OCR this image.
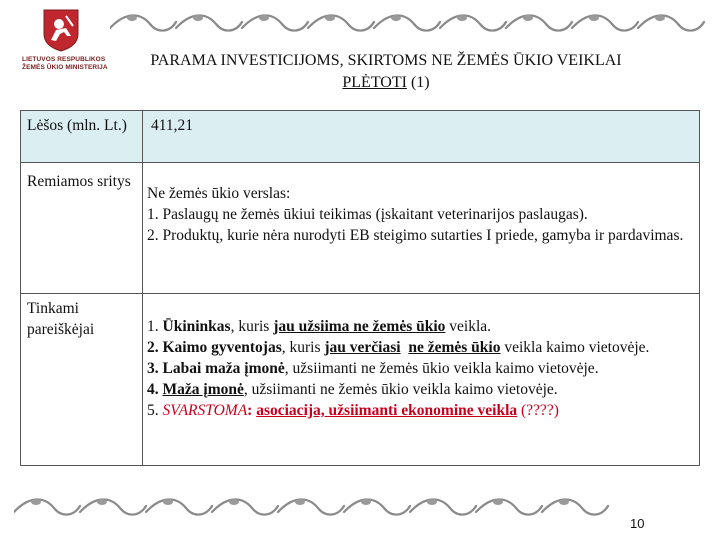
LIETUVOS RESPUBLIKOS
ŽEMĖS ŪKIO MINISTERIJA	PARAMA INVESTICIJOMS, SKIRTOMS NE ŽEMĖS ŪKIO VEIKLAI
PLĖTOTI (1)
Lėšos (mln. Lt.)	411,21
Remiamos sritys	Ne žemės ūkio verslas:
1. Paslaugų ne žemės ūkiui teikimas (įskaitant veterinarijos paslaugas).
2. Produktų, kurie nėra nurodyti EB steigimo sutarties I priede, gamyba ir pardavimas.

Tinkami pareiškėjai	1. Ūkininkas, kuris jau užsiima ne žemės ūkio veikla.
2. Kaimo gyventojas, kuris jau verčiasi ne žemės ūkio veikla kaimo vietovėje.
3. Labai maža įmonė, užsiimanti ne žemės ūkio veikla kaimo vietovėje.
4. Maža įmonė, užsiimanti ne žemės ūkio veikla kaimo vietovėje.
5. SVARSTOMA: asociacija, užsiimanti ekonomine veikla (????)
10
